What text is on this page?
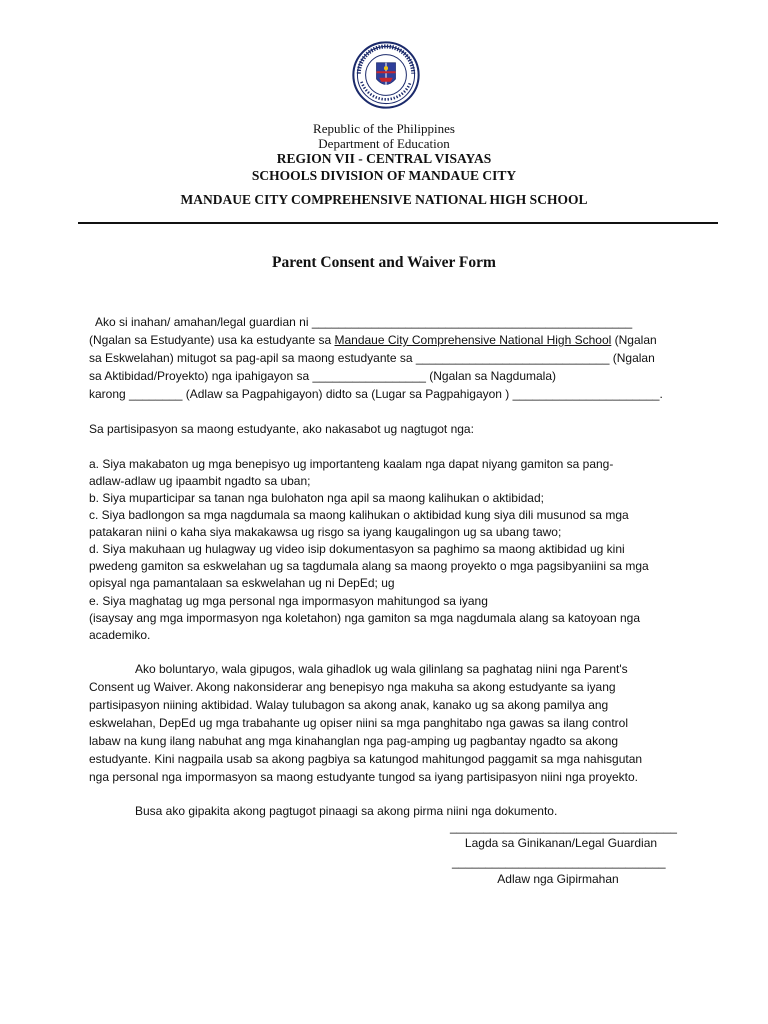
Republic of the Philippines
Department of Education
REGION VII - CENTRAL VISAYAS
SCHOOLS DIVISION OF MANDAUE CITY
MANDAUE CITY COMPREHENSIVE NATIONAL HIGH SCHOOL
Parent Consent and Waiver Form
Ako si inahan/ amahan/legal guardian ni ________________________________________________
(Ngalan sa Estudyante) usa ka estudyante sa Mandaue City Comprehensive National High School (Ngalan
sa Eskwelahan) mitugot sa pag-apil sa maong estudyante sa _____________________________ (Ngalan
sa Aktibidad/Proyekto) nga ipahigayon sa _________________ (Ngalan sa Nagdumala)
karong ________ (Adlaw sa Pagpahigayon) didto sa (Lugar sa Pagpahigayon ) ______________________.
Sa partisipasyon sa maong estudyante, ako nakasabot ug nagtugot nga:
a. Siya makabaton ug mga benepisyo ug importanteng kaalam nga dapat niyang gamiton sa pang-
adlaw-adlaw ug ipaambit ngadto sa uban;
b. Siya muparticipar sa tanan nga bulohaton nga apil sa maong kalihukan o aktibidad;
c. Siya badlongon sa mga nagdumala sa maong kalihukan o aktibidad kung siya dili musunod sa mga
patakaran niini o kaha siya makakawsa ug risgo sa iyang kaugalingon ug sa ubang tawo;
d. Siya makuhaan ug hulagway ug video isip dokumentasyon sa paghimo sa maong aktibidad ug kini
pwedeng gamiton sa eskwelahan ug sa tagdumala alang sa maong proyekto o mga pagsibyaniini sa mga
opisyal nga pamantalaan sa eskwelahan ug ni DepEd; ug
e. Siya maghatag ug mga personal nga impormasyon mahitungod sa iyang
(isaysay ang mga impormasyon nga koletahon) nga gamiton sa mga nagdumala alang sa katoyoan nga
academiko.
Ako boluntaryo, wala gipugos, wala gihadlok ug wala gilinlang sa paghatag niini nga Parent's
Consent ug Waiver. Akong nakonsiderar ang benepisyo nga makuha sa akong estudyante sa iyang
partisipasyon niining aktibidad. Walay tulubagon sa akong anak, kanako ug sa akong pamilya ang
eskwelahan, DepEd ug mga trabahante ug opiser niini sa mga panghitabo nga gawas sa ilang control
labaw na kung ilang nabuhat ang mga kinahanglan nga pag-amping ug pagbantay ngadto sa akong
estudyante. Kini nagpaila usab sa akong pagbiya sa katungod mahitungod paggamit sa mga nahisgutan
nga personal nga impormasyon sa maong estudyante tungod sa iyang partisipasyon niini nga proyekto.
Busa ako gipakita akong pagtugot pinaagi sa akong pirma niini nga dokumento.
__________________________________
Lagda sa Ginikanan/Legal Guardian
________________________________
Adlaw nga Gipirmahan
